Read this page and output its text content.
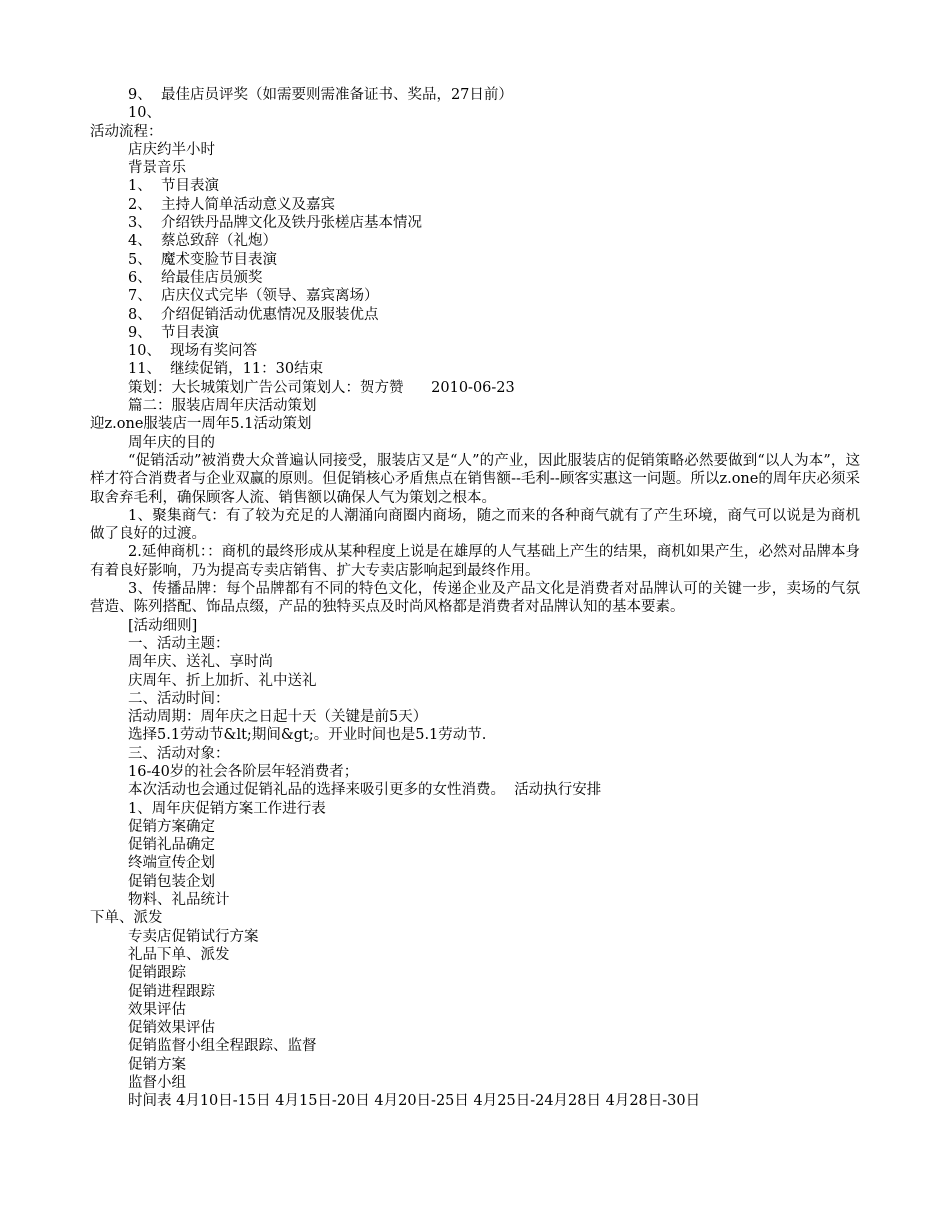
9、  最佳店员评奖（如需要则需准备证书、奖品，27日前）
10、
活动流程：
店庆约半小时
背景音乐
1、  节目表演
2、  主持人简单活动意义及嘉宾
3、  介绍铁丹品牌文化及铁丹张槎店基本情况
4、  蔡总致辞（礼炮）
5、  魔术变脸节目表演
6、  给最佳店员颁奖
7、  店庆仪式完毕（领导、嘉宾离场）
8、  介绍促销活动优惠情况及服装优点
9、  节目表演
10、  现场有奖问答
11、  继续促销，11：30结束
策划：大长城策划广告公司策划人：贺方赞      2010-06-23
篇二：服装店周年庆活动策划
迎z.one服装店一周年5.1活动策划
周年庆的目的
“促销活动”被消费大众普遍认同接受，服装店又是“人”的产业，因此服装店的促销策略必然要做到“以人为本”，这样才符合消费者与企业双赢的原则。但促销核心矛盾焦点在销售额--毛利--顾客实惠这一问题。所以z.one的周年庆必须采取舍弃毛利，确保顾客人流、销售额以确保人气为策划之根本。
1、聚集商气：有了较为充足的人潮涌向商圈内商场，随之而来的各种商气就有了产生环境，商气可以说是为商机做了良好的过渡。
2.延伸商机：：商机的最终形成从某种程度上说是在雄厚的人气基础上产生的结果，商机如果产生，必然对品牌本身有着良好影响，乃为提高专卖店销售、扩大专卖店影响起到最终作用。
3、传播品牌：每个品牌都有不同的特色文化，传递企业及产品文化是消费者对品牌认可的关键一步，卖场的气氛营造、陈列搭配、饰品点缀，产品的独特买点及时尚风格都是消费者对品牌认知的基本要素。
[活动细则]
一、活动主题：
周年庆、送礼、享时尚
庆周年、折上加折、礼中送礼
二、活动时间：
活动周期：周年庆之日起十天（关键是前5天）
选择5.1劳动节&lt;期间&gt;。开业时间也是5.1劳动节.
三、活动对象：
16-40岁的社会各阶层年轻消费者；
本次活动也会通过促销礼品的选择来吸引更多的女性消费。  活动执行安排
1、周年庆促销方案工作进行表
促销方案确定
促销礼品确定
终端宣传企划
促销包装企划
物料、礼品统计
下单、派发
专卖店促销试行方案
礼品下单、派发
促销跟踪
促销进程跟踪
效果评估
促销效果评估
促销监督小组全程跟踪、监督
促销方案
监督小组
时间表 4月10日-15日 4月15日-20日 4月20日-25日 4月25日-24月28日 4月28日-30日
